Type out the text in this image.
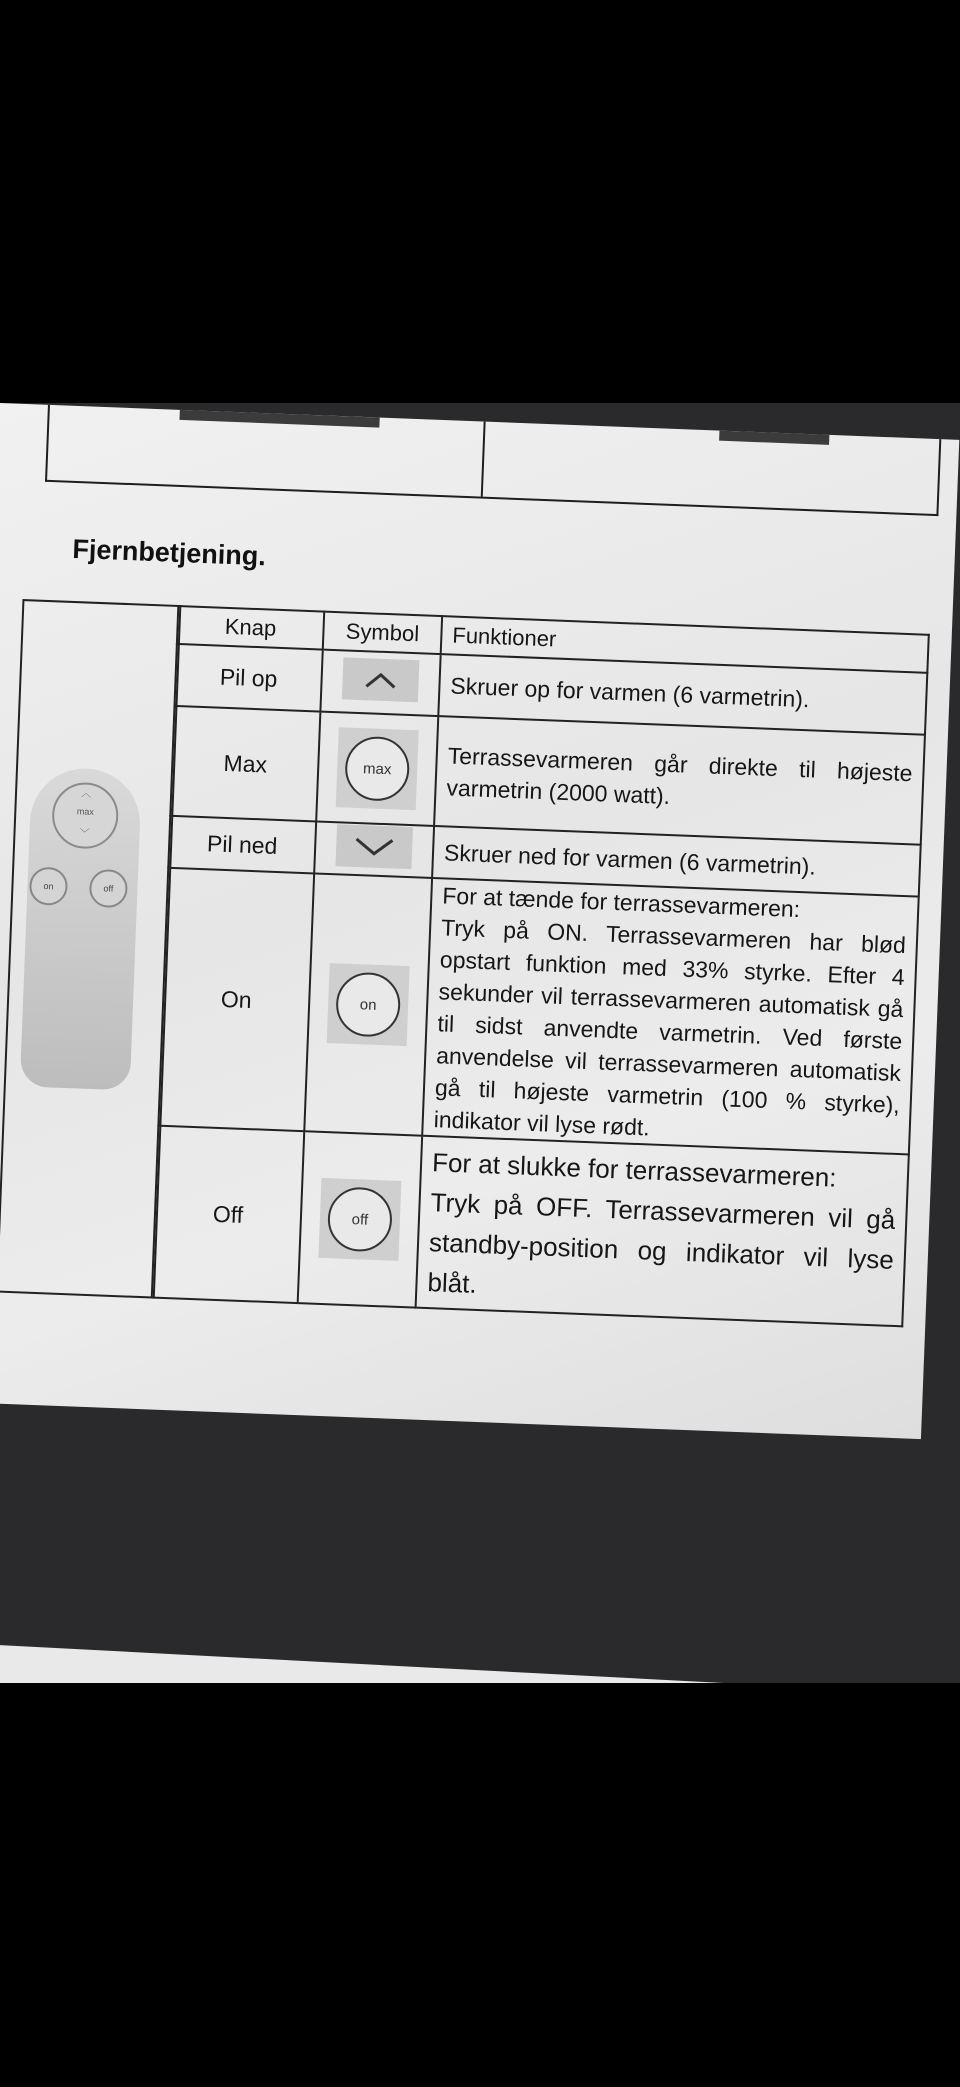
Fjernbetjening.
︿
max
﹀
on	off
Knap	Symbol	Funktioner
Pil op		Skruer op for varmen (6 varmetrin).
Max	max	Terrassevarmeren går direkte til højeste varmetrin (2000 watt).
Pil ned		Skruer ned for varmen (6 varmetrin).
On	on	For at tænde for terrassevarmeren:
Tryk på ON. Terrassevarmeren har blød opstart funktion med 33% styrke. Efter 4 sekunder vil terrassevarmeren automatisk gå til sidst anvendte varmetrin. Ved første anvendelse vil terrassevarmeren automatisk gå til højeste varmetrin (100 % styrke), indikator vil lyse rødt.

Off	off	For at slukke for terrassevarmeren:
Tryk på OFF. Terrassevarmeren vil gå standby-position og indikator vil lyse blåt.
